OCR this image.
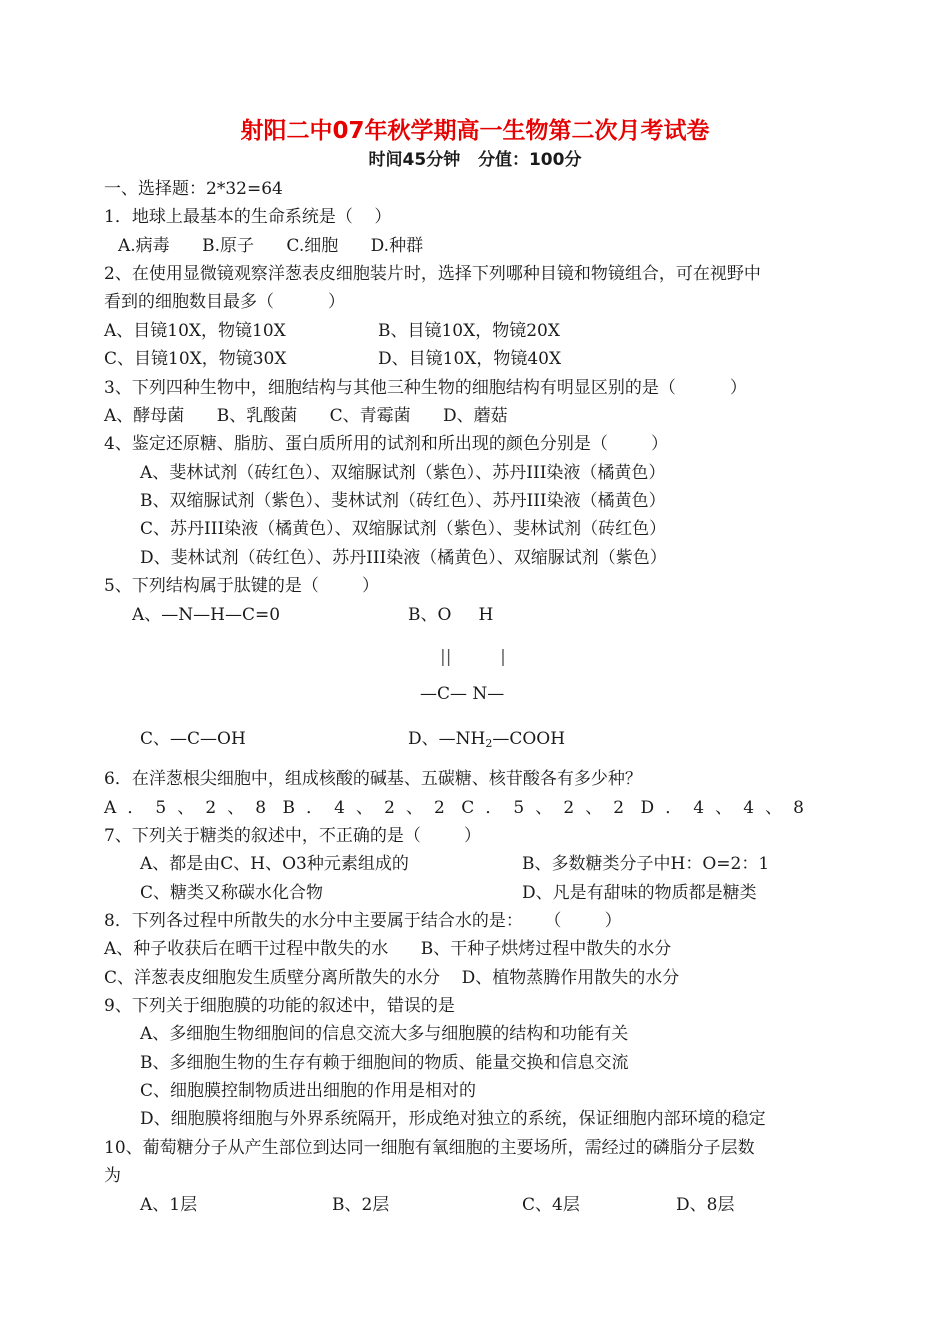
射阳二中07年秋学期高一生物第二次月考试卷
时间45分钟   分值：100分
一、选择题：2*32=64
1．地球上最基本的生命系统是（    ）
A.病毒      B.原子      C.细胞      D.种群
2、在使用显微镜观察洋葱表皮细胞装片时，选择下列哪种目镜和物镜组合，可在视野中
看到的细胞数目最多（          ）
A、目镜10X，物镜10X	B、目镜10X，物镜20X
C、目镜10X，物镜30X	D、目镜10X，物镜40X
3、下列四种生物中，细胞结构与其他三种生物的细胞结构有明显区别的是（          ）
A、酵母菌      B、乳酸菌      C、青霉菌      D、蘑菇
4、鉴定还原糖、脂肪、蛋白质所用的试剂和所出现的颜色分别是（        ）
A、斐林试剂（砖红色）、双缩脲试剂（紫色）、苏丹III染液（橘黄色）
B、双缩脲试剂（紫色）、斐林试剂（砖红色）、苏丹III染液（橘黄色）
C、苏丹III染液（橘黄色）、双缩脲试剂（紫色）、斐林试剂（砖红色）
D、斐林试剂（砖红色）、苏丹III染液（橘黄色）、双缩脲试剂（紫色）
5、下列结构属于肽键的是（        ）
A、—N—H—C=0	B、O     H
||         |
—C— N—
C、—C—OH	D、$—NH_2—COOH$
6．在洋葱根尖细胞中，组成核酸的碱基、五碳糖、核苷酸各有多少种？
A．5、2、8 B．4、2、2 C．5、2、2 D．4、4、8
7、下列关于糖类的叙述中，不正确的是（        ）
A、都是由C、H、O3种元素组成的	B、多数糖类分子中H：O=2：1
C、糖类又称碳水化合物	D、凡是有甜味的物质都是糖类
8．下列各过程中所散失的水分中主要属于结合水的是：    （        ）
A、种子收获后在晒干过程中散失的水      B、干种子烘烤过程中散失的水分
C、洋葱表皮细胞发生质壁分离所散失的水分    D、植物蒸腾作用散失的水分
9、下列关于细胞膜的功能的叙述中，错误的是
A、多细胞生物细胞间的信息交流大多与细胞膜的结构和功能有关
B、多细胞生物的生存有赖于细胞间的物质、能量交换和信息交流
C、细胞膜控制物质进出细胞的作用是相对的
D、细胞膜将细胞与外界系统隔开，形成绝对独立的系统，保证细胞内部环境的稳定
10、葡萄糖分子从产生部位到达同一细胞有氧细胞的主要场所，需经过的磷脂分子层数
为
A、1层	B、2层	C、4层	D、8层
